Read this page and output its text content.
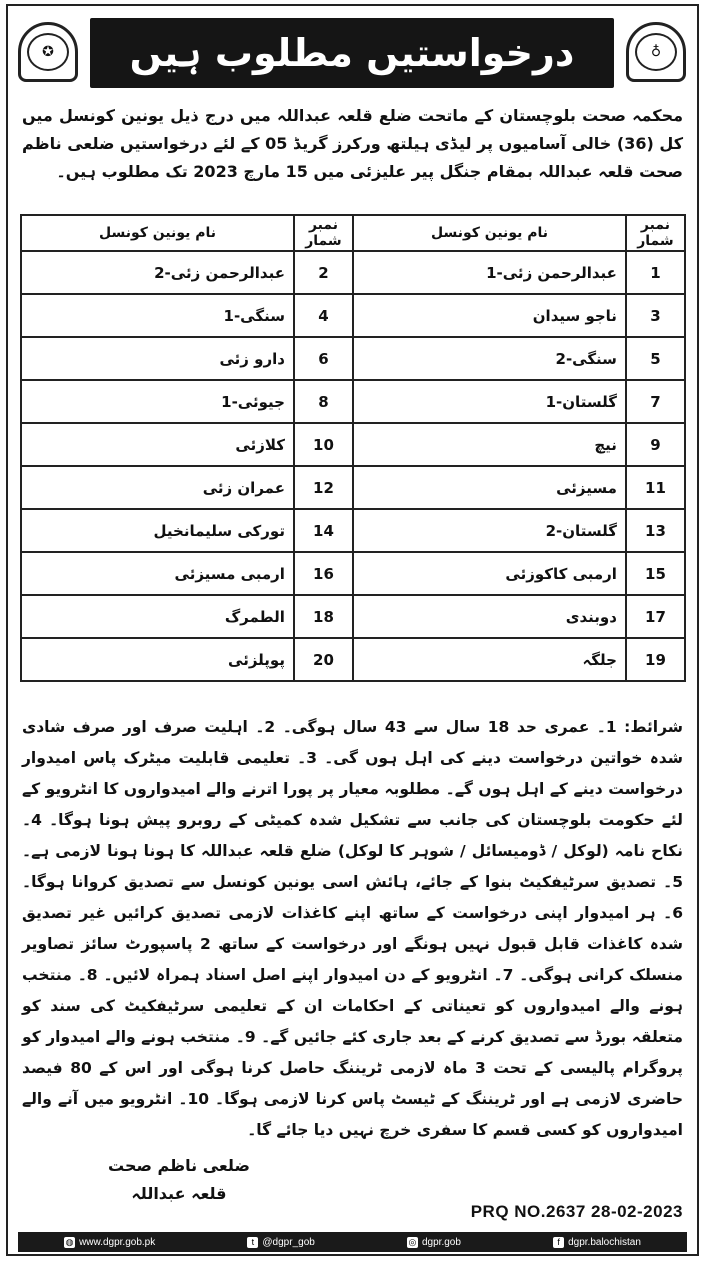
✪	درخواستیں مطلوب ہیں	♁
محکمہ صحت بلوچستان کے ماتحت ضلع قلعہ عبداللہ میں درج ذیل یونین کونسل میں کل (36) خالی آسامیوں پر لیڈی ہیلتھ ورکرز گریڈ 05 کے لئے درخواستیں ضلعی ناظم صحت قلعہ عبداللہ بمقام جنگل پیر علیزئی میں 15 مارچ 2023 تک مطلوب ہیں۔
نمبر شمار	نام یونین کونسل	نمبر شمار	نام یونین کونسل
1	عبدالرحمن زئی-1	2	عبدالرحمن زئی-2
3	ناجو سیدان	4	سنگی-1
5	سنگی-2	6	دارو زئی
7	گلستان-1	8	جیوئی-1
9	نیچ	10	کلازئی
11	مسیزئی	12	عمران زئی
13	گلستان-2	14	تورکی سلیمانخیل
15	ارمبی کاکوزئی	16	ارمبی مسیزئی
17	دوبندی	18	الطمرگ
19	جلگہ	20	پوپلزئی
شرائط: 1۔ عمری حد 18 سال سے 43 سال ہوگی۔ 2۔ اہلیت صرف اور صرف شادی شدہ خواتین درخواست دینے کی اہل ہوں گی۔ 3۔ تعلیمی قابلیت میٹرک پاس امیدوار درخواست دینے کے اہل ہوں گے۔ مطلوبہ معیار پر پورا اترنے والے امیدواروں کا انٹرویو کے لئے حکومت بلوچستان کی جانب سے تشکیل شدہ کمیٹی کے روبرو پیش ہونا ہوگا۔ 4۔ نکاح نامہ (لوکل / ڈومیسائل / شوہر کا لوکل) ضلع قلعہ عبداللہ کا ہونا ہونا لازمی ہے۔ 5۔ تصدیق سرٹیفکیٹ بنوا کے جائے، ہائش اسی یونین کونسل سے تصدیق کروانا ہوگا۔ 6۔ ہر امیدوار اپنی درخواست کے ساتھ اپنے کاغذات لازمی تصدیق کرائیں غیر تصدیق شدہ کاغذات قابل قبول نہیں ہونگے اور درخواست کے ساتھ 2 پاسپورٹ سائز تصاویر منسلک کرانی ہوگی۔ 7۔ انٹرویو کے دن امیدوار اپنے اصل اسناد ہمراہ لائیں۔ 8۔ منتخب ہونے والے امیدواروں کو تعیناتی کے احکامات ان کے تعلیمی سرٹیفکیٹ کی سند کو متعلقہ بورڈ سے تصدیق کرنے کے بعد جاری کئے جائیں گے۔ 9۔ منتخب ہونے والے امیدوار کو پروگرام پالیسی کے تحت 3 ماہ لازمی ٹریننگ حاصل کرنا ہوگی اور اس کے 80 فیصد حاضری لازمی ہے اور ٹریننگ کے ٹیسٹ پاس کرنا لازمی ہوگا۔ 10۔ انٹرویو میں آنے والے امیدواروں کو کسی قسم کا سفری خرچ نہیں دیا جائے گا۔
ضلعی ناظم صحت
قلعہ عبداللہ
PRQ NO.2637 28-02-2023
◍ www.dgpr.gob.pk	t @dgpr_gob	◎ dgpr.gob	f dgpr.balochistan
